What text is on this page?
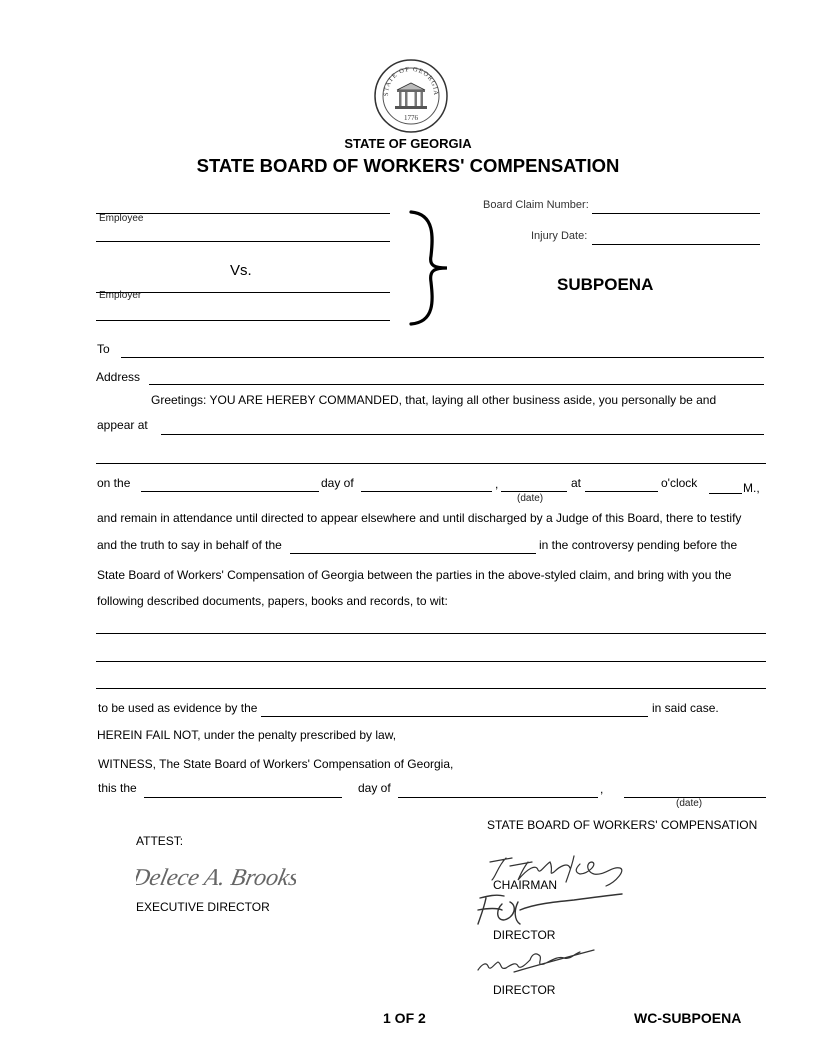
STATE OF GEORGIA
1776
STATE OF GEORGIA
STATE BOARD OF WORKERS' COMPENSATION
Employee
Vs.
Employer
Board Claim Number:
Injury Date:
SUBPOENA
To
Address
Greetings: YOU ARE HEREBY COMMANDED, that, laying all other business aside, you personally be and
appear at
on the	day of	,
(date)
at	o'clock	M.,
and remain in attendance until directed to appear elsewhere and until discharged by a Judge of this Board, there to testify
and the truth to say in behalf of the	in the controversy pending before the
State Board of Workers' Compensation of Georgia between the parties in the above-styled claim, and bring with you the
following described documents, papers, books and records, to wit:
to be used as evidence by the	in said case.
HEREIN FAIL NOT, under the penalty prescribed by law,
WITNESS, The State Board of Workers' Compensation of Georgia,
this the	day of	,
(date)
STATE BOARD OF WORKERS' COMPENSATION
ATTEST:
Delece A. Brooks
EXECUTIVE DIRECTOR
CHAIRMAN
DIRECTOR
DIRECTOR
1 OF 2	WC-SUBPOENA
